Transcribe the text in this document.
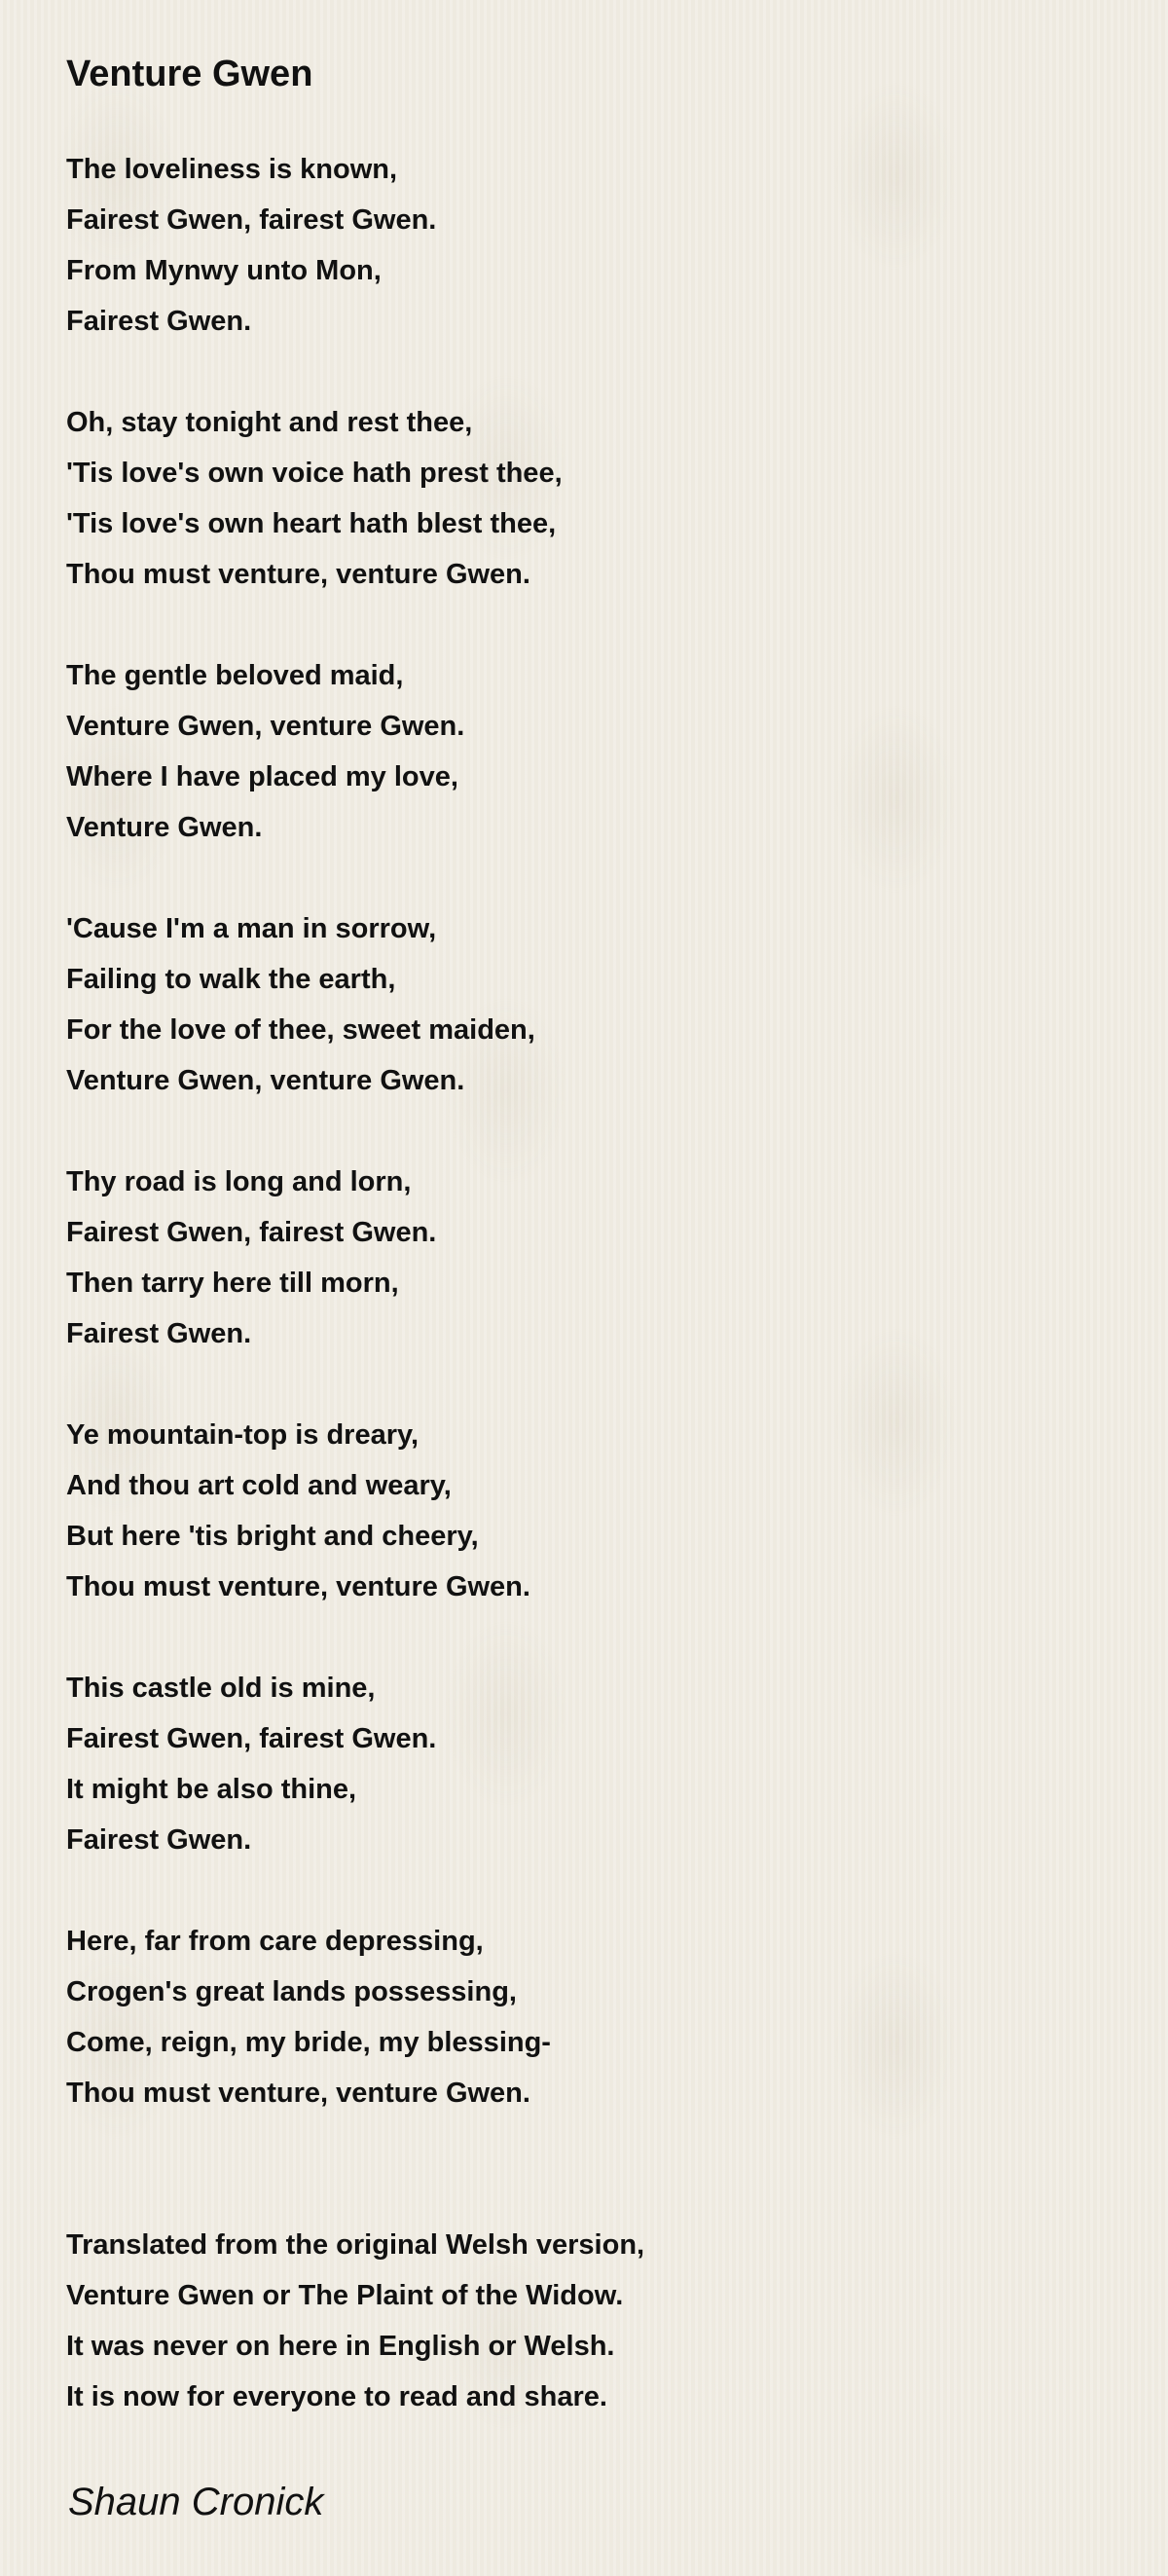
Venture Gwen
The loveliness is known,
Fairest Gwen, fairest Gwen.
From Mynwy unto Mon,
Fairest Gwen.
Oh, stay tonight and rest thee,
'Tis love's own voice hath prest thee,
'Tis love's own heart hath blest thee,
Thou must venture, venture Gwen.
The gentle beloved maid,
Venture Gwen, venture Gwen.
Where I have placed my love,
Venture Gwen.
'Cause I'm a man in sorrow,
Failing to walk the earth,
For the love of thee, sweet maiden,
Venture Gwen, venture Gwen.
Thy road is long and lorn,
Fairest Gwen, fairest Gwen.
Then tarry here till morn,
Fairest Gwen.
Ye mountain-top is dreary,
And thou art cold and weary,
But here 'tis bright and cheery,
Thou must venture, venture Gwen.
This castle old is mine,
Fairest Gwen, fairest Gwen.
It might be also thine,
Fairest Gwen.
Here, far from care depressing,
Crogen's great lands possessing,
Come, reign, my bride, my blessing-
Thou must venture, venture Gwen.
Translated from the original Welsh version,
Venture Gwen or The Plaint of the Widow.
It was never on here in English or Welsh.
It is now for everyone to read and share.
Shaun Cronick
